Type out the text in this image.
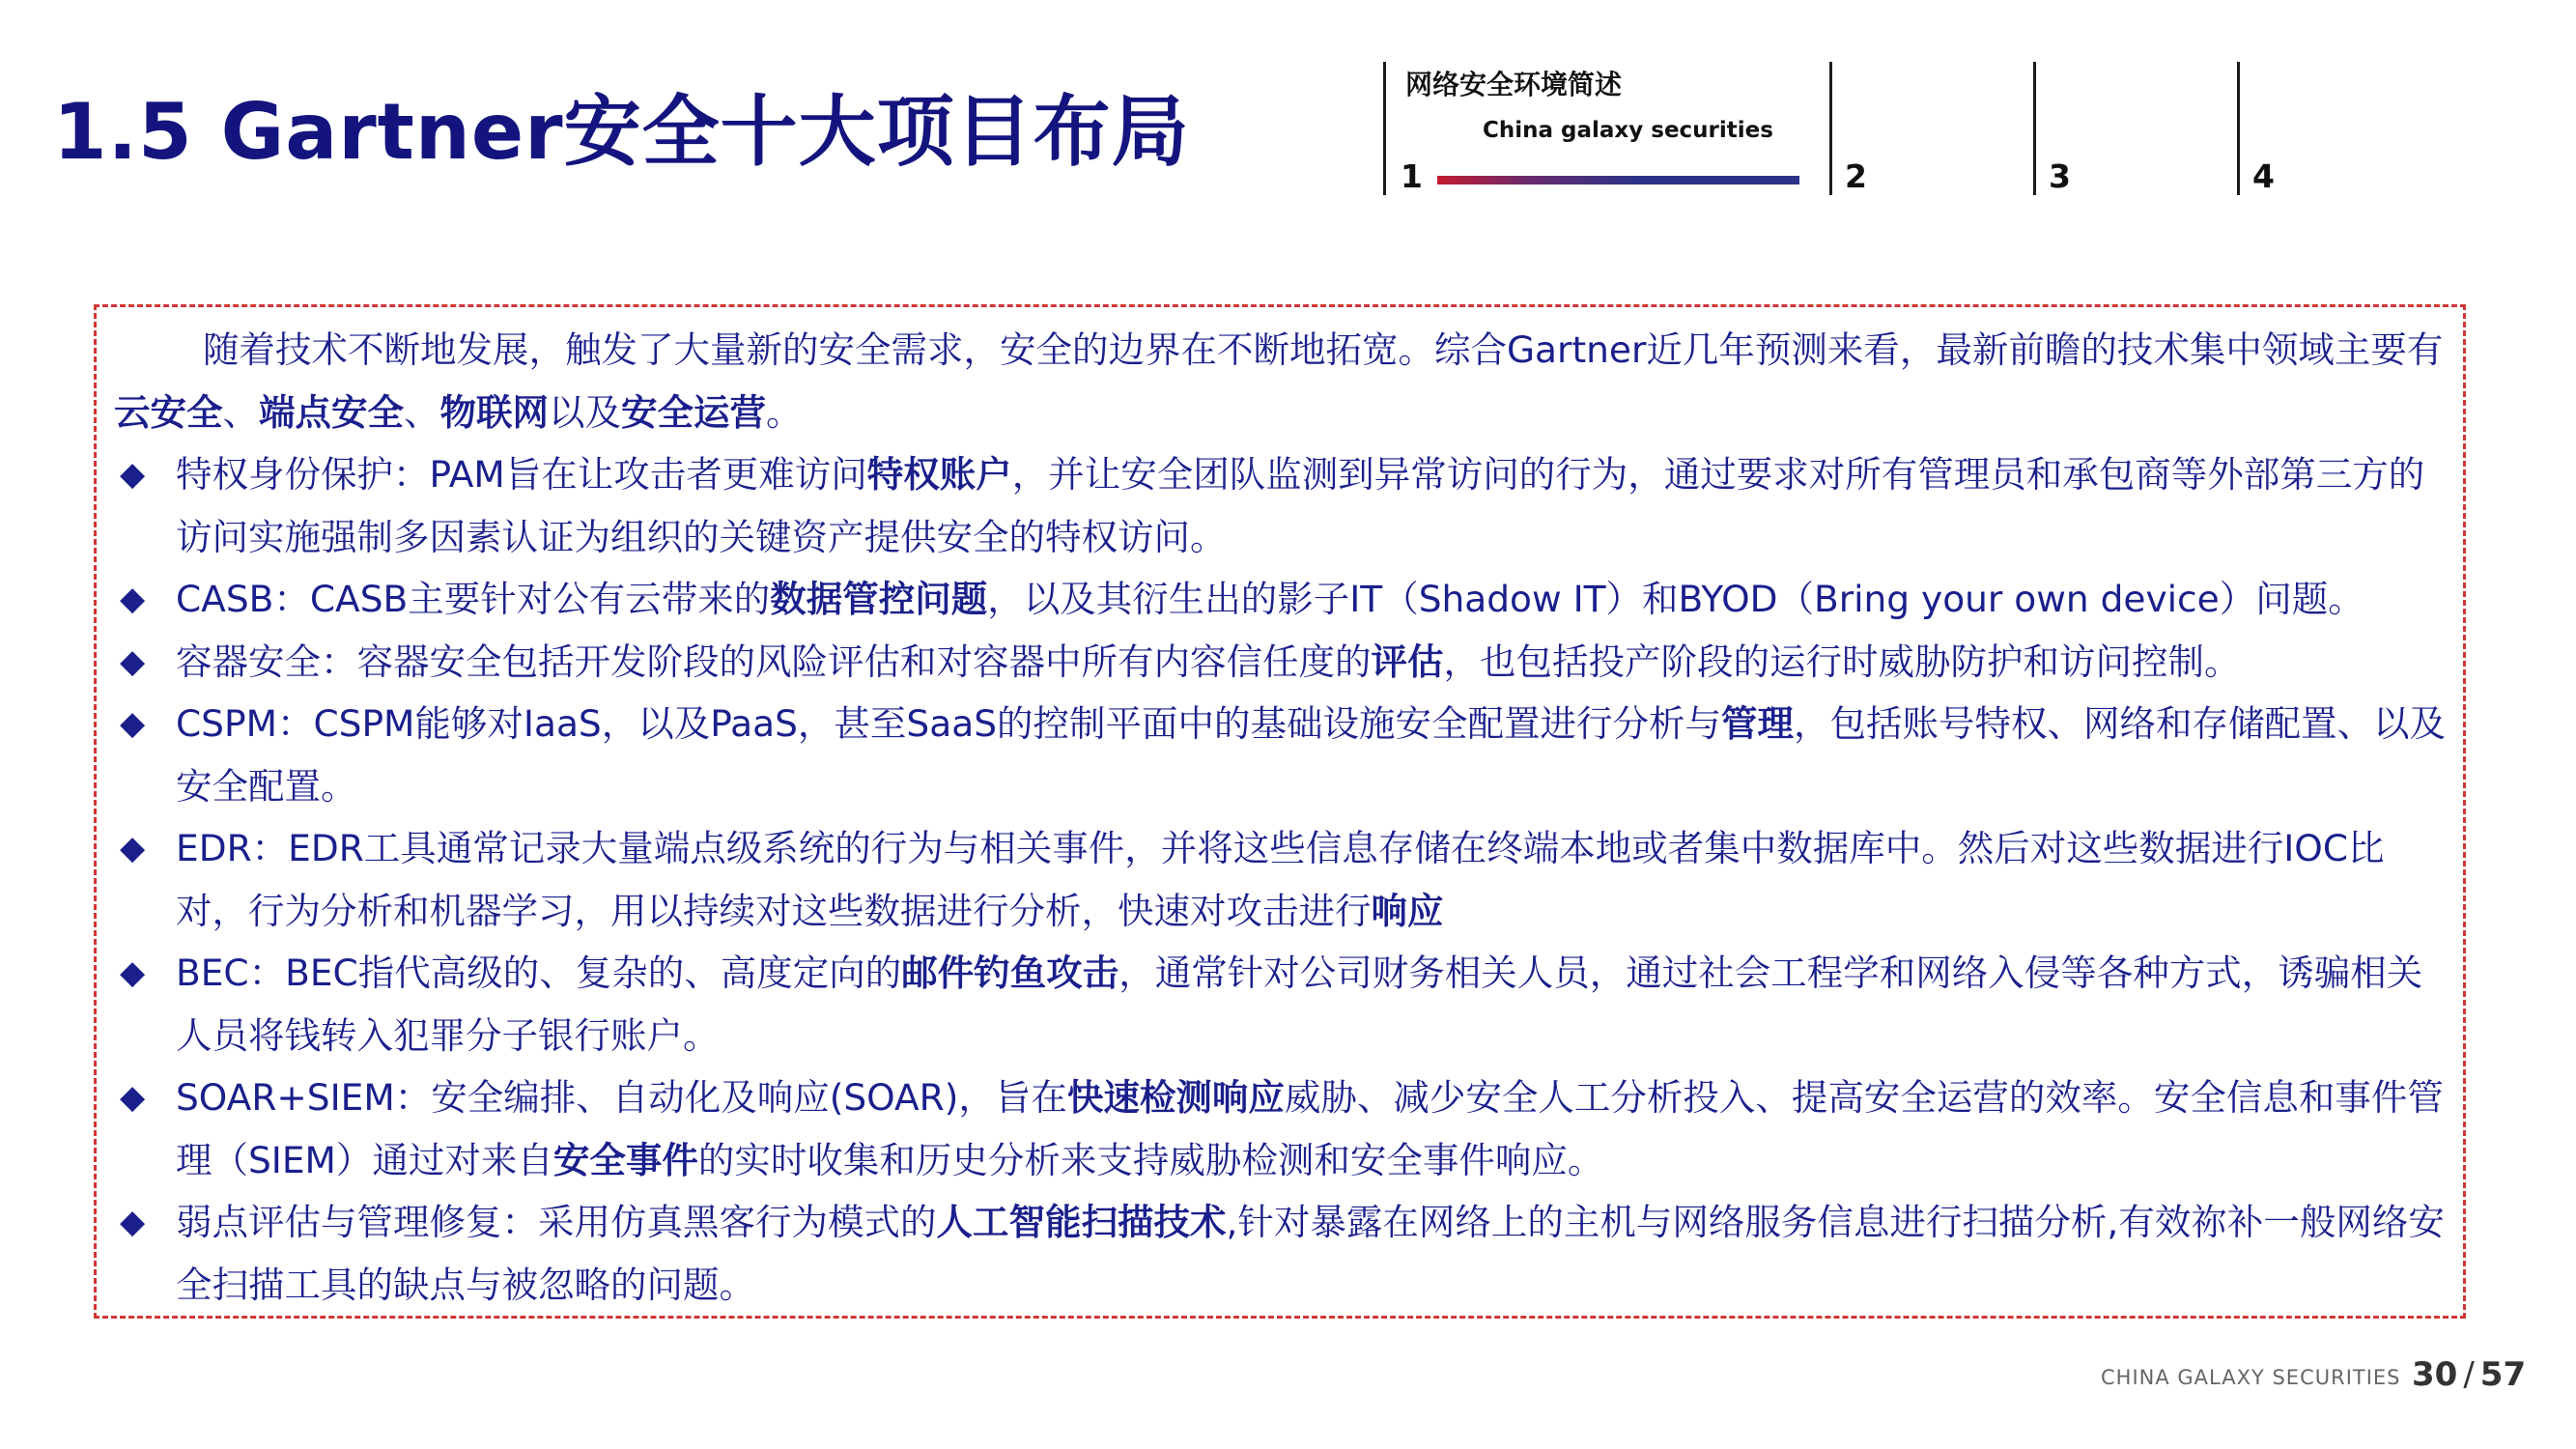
1.5 Gartner安全十大项目布局
网络安全环境简述
China galaxy securities
1	2	3	4

随着技术不断地发展，触发了大量新的安全需求，安全的边界在不断地拓宽。综合Gartner近几年预测来看，最新前瞻的技术集中领域主要有云安全、端点安全、物联网以及安全运营。

◆ 特权身份保护：PAM旨在让攻击者更难访问特权账户，并让安全团队监测到异常访问的行为，通过要求对所有管理员和承包商等外部第三方的访问实施强制多因素认证为组织的关键资产提供安全的特权访问。

◆ CASB：CASB主要针对公有云带来的数据管控问题，以及其衍生出的影子IT（Shadow IT）和BYOD（Bring your own device）问题。

◆ 容器安全：容器安全包括开发阶段的风险评估和对容器中所有内容信任度的评估，也包括投产阶段的运行时威胁防护和访问控制。

◆ CSPM：CSPM能够对IaaS，以及PaaS，甚至SaaS的控制平面中的基础设施安全配置进行分析与管理，包括账号特权、网络和存储配置、以及安全配置。

◆ EDR：EDR工具通常记录大量端点级系统的行为与相关事件，并将这些信息存储在终端本地或者集中数据库中。然后对这些数据进行IOC比对，行为分析和机器学习，用以持续对这些数据进行分析，快速对攻击进行响应

◆ BEC：BEC指代高级的、复杂的、高度定向的邮件钓鱼攻击，通常针对公司财务相关人员，通过社会工程学和网络入侵等各种方式，诱骗相关人员将钱转入犯罪分子银行账户。

◆ SOAR+SIEM：安全编排、自动化及响应(SOAR)，旨在快速检测响应威胁、减少安全人工分析投入、提高安全运营的效率。安全信息和事件管理（SIEM）通过对来自安全事件的实时收集和历史分析来支持威胁检测和安全事件响应。

◆ 弱点评估与管理修复：采用仿真黑客行为模式的人工智能扫描技术,针对暴露在网络上的主机与网络服务信息进行扫描分析,有效祢补一般网络安全扫描工具的缺点与被忽略的问题。

CHINA GALAXY SECURITIES 30 / 57
